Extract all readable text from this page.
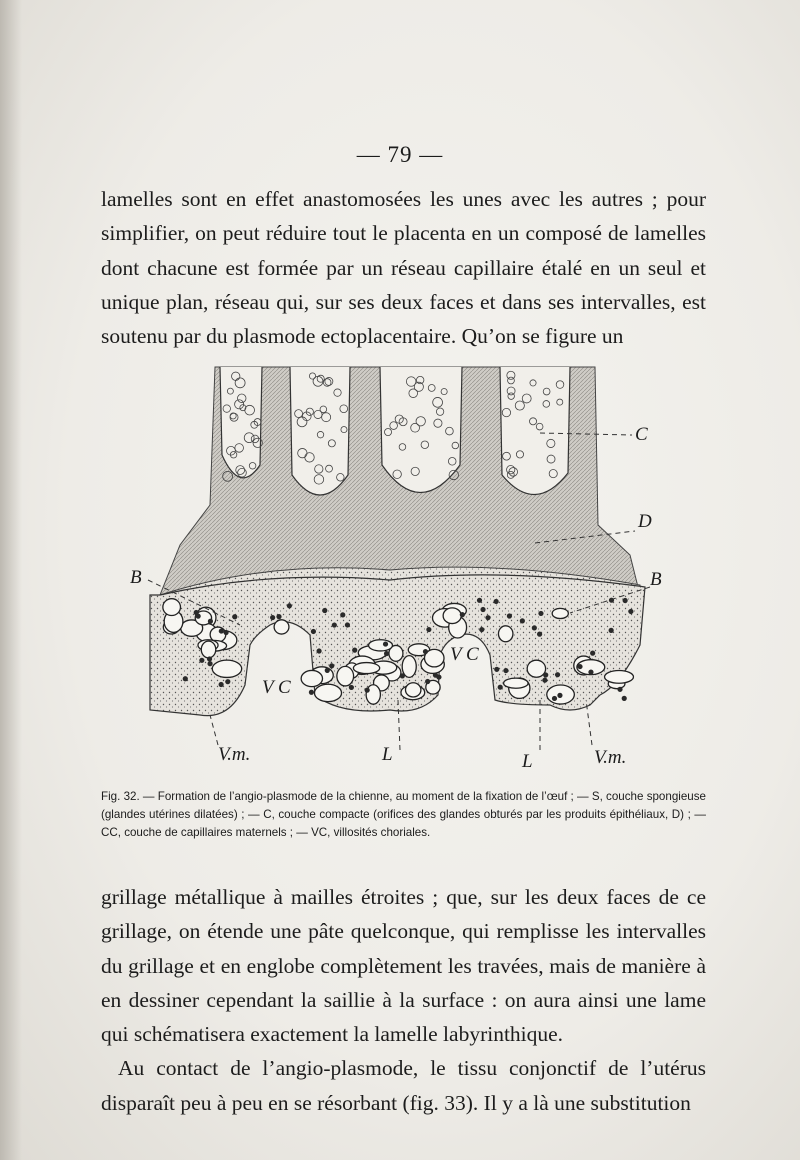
— 79 —

lamelles sont en effet anastomosées les unes avec les autres ; pour simplifier, on peut réduire tout le placenta en un composé de lamelles dont chacune est formée par un réseau capillaire étalé en un seul et unique plan, réseau qui, sur ses deux faces et dans ses intervalles, est soutenu par du plasmode ectoplacentaire. Qu’on se figure un

C
D
B	B
V C
V C
V.m.	L	L	V.m.

Fig. 32. — Formation de l’angio-plasmode de la chienne, au moment de la fixation de l’œuf ; — S, couche spongieuse (glandes utérines dilatées) ; — C, couche compacte (orifices des glandes obturés par les produits épithéliaux, D) ; — CC, couche de capillaires maternels ; — VC, villosités choriales.

grillage métallique à mailles étroites ; que, sur les deux faces de ce grillage, on étende une pâte quelconque, qui remplisse les intervalles du grillage et en englobe complètement les travées, mais de manière à en dessiner cependant la saillie à la surface : on aura ainsi une lame qui schématisera exactement la lamelle labyrinthique.
Au contact de l’angio-plasmode, le tissu conjonctif de l’utérus disparaît peu à peu en se résorbant (fig. 33). Il y a là une substitution
